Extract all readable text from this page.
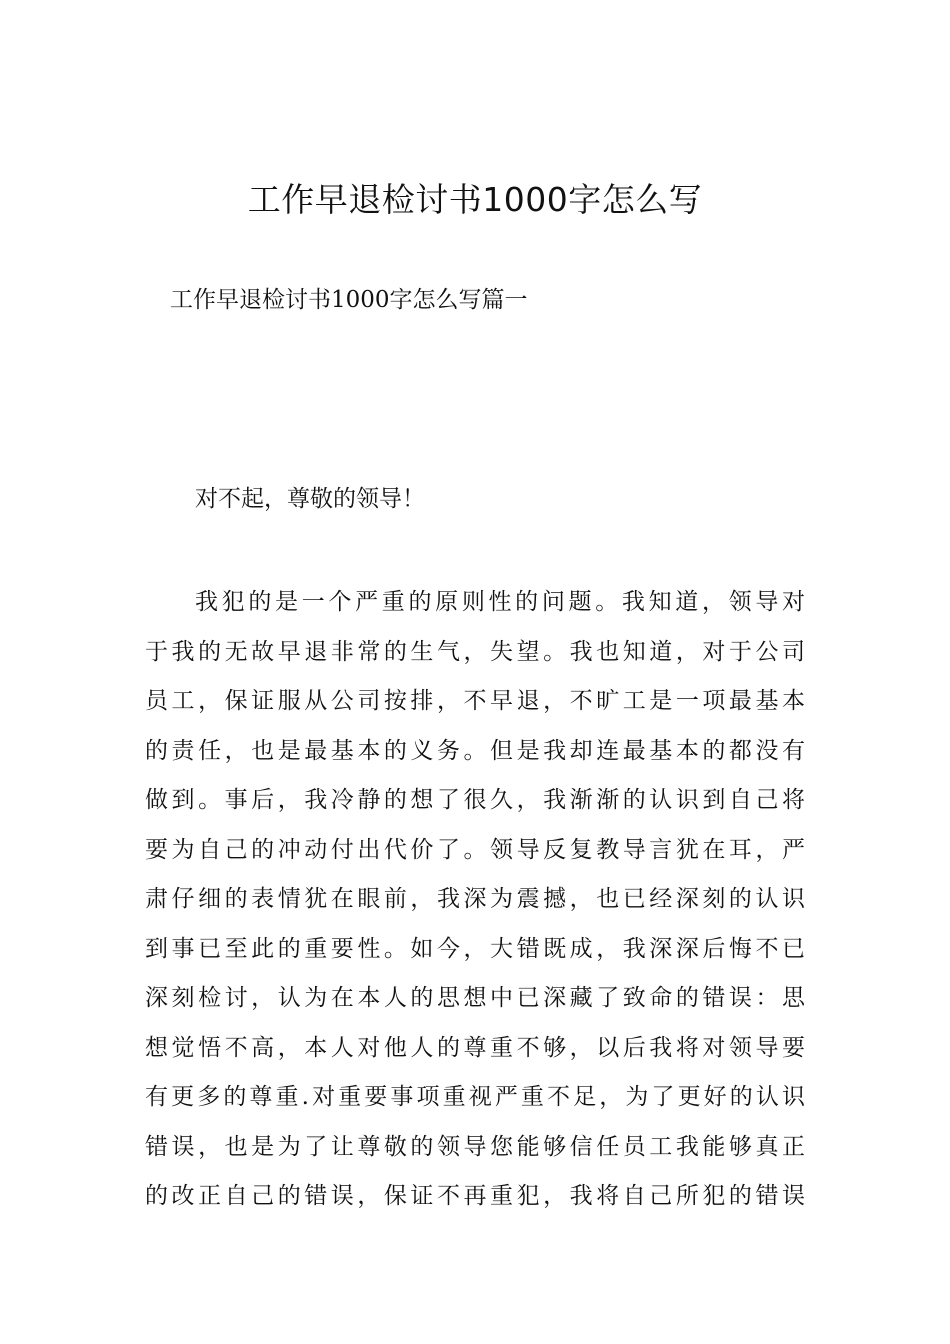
工作早退检讨书1000字怎么写
工作早退检讨书1000字怎么写篇一
对不起，尊敬的领导！
我犯的是一个严重的原则性的问题。我知道，领导对
于我的无故早退非常的生气，失望。我也知道，对于公司
员工，保证服从公司按排，不早退，不旷工是一项最基本
的责任，也是最基本的义务。但是我却连最基本的都没有
做到。事后，我冷静的想了很久，我渐渐的认识到自己将
要为自己的冲动付出代价了。领导反复教导言犹在耳，严
肃仔细的表情犹在眼前，我深为震撼，也已经深刻的认识
到事已至此的重要性。如今，大错既成，我深深后悔不已
深刻检讨，认为在本人的思想中已深藏了致命的错误：思
想觉悟不高，本人对他人的尊重不够，以后我将对领导要
有更多的尊重.对重要事项重视严重不足，为了更好的认识
错误，也是为了让尊敬的领导您能够信任员工我能够真正
的改正自己的错误，保证不再重犯，我将自己所犯的错误
